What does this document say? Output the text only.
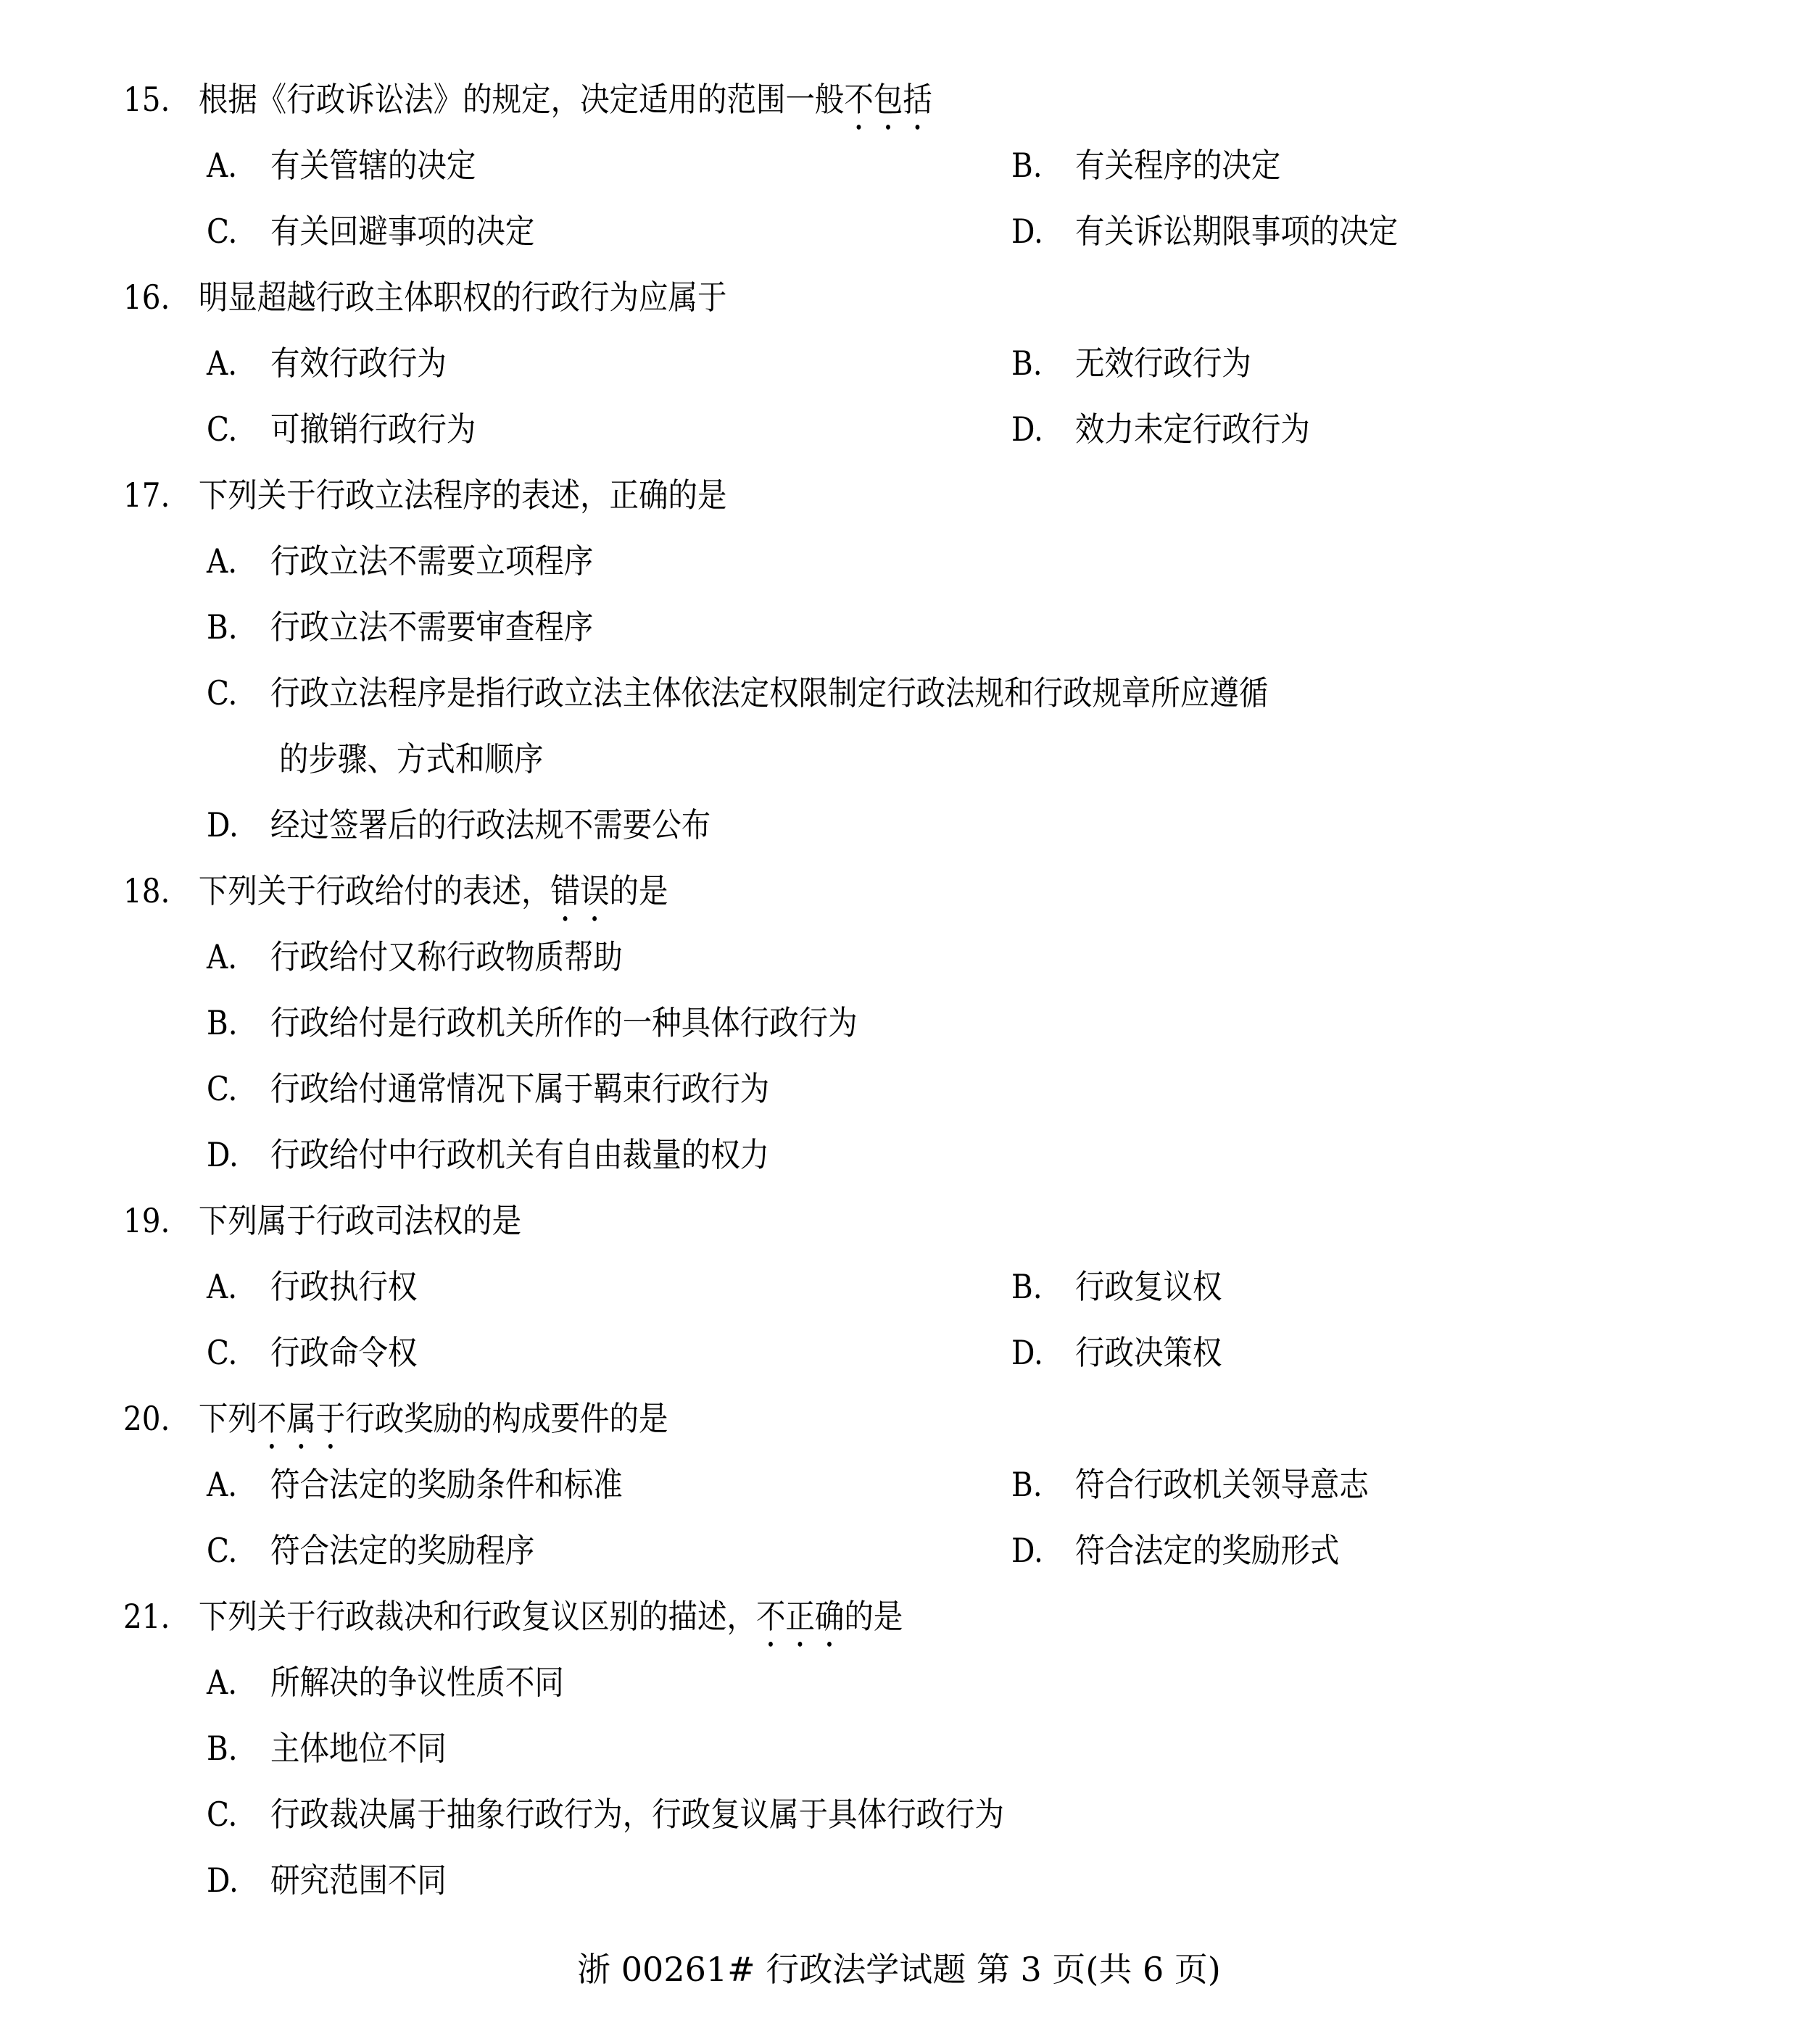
15. 根据《行政诉讼法》的规定，决定适用的范围一般不包括
A. 有关管辖的决定	B. 有关程序的决定
C. 有关回避事项的决定	D. 有关诉讼期限事项的决定
16. 明显超越行政主体职权的行政行为应属于
A. 有效行政行为	B. 无效行政行为
C. 可撤销行政行为	D. 效力未定行政行为
17. 下列关于行政立法程序的表述，正确的是
A. 行政立法不需要立项程序
B. 行政立法不需要审查程序
C. 行政立法程序是指行政立法主体依法定权限制定行政法规和行政规章所应遵循
的步骤、方式和顺序
D. 经过签署后的行政法规不需要公布
18. 下列关于行政给付的表述，错误的是
A. 行政给付又称行政物质帮助
B. 行政给付是行政机关所作的一种具体行政行为
C. 行政给付通常情况下属于羁束行政行为
D. 行政给付中行政机关有自由裁量的权力
19. 下列属于行政司法权的是
A. 行政执行权	B. 行政复议权
C. 行政命令权	D. 行政决策权
20. 下列不属于行政奖励的构成要件的是
A. 符合法定的奖励条件和标准	B. 符合行政机关领导意志
C. 符合法定的奖励程序	D. 符合法定的奖励形式
21. 下列关于行政裁决和行政复议区别的描述，不正确的是
A. 所解决的争议性质不同
B. 主体地位不同
C. 行政裁决属于抽象行政行为，行政复议属于具体行政行为
D. 研究范围不同
浙 00261# 行政法学试题 第 3 页(共 6 页)
